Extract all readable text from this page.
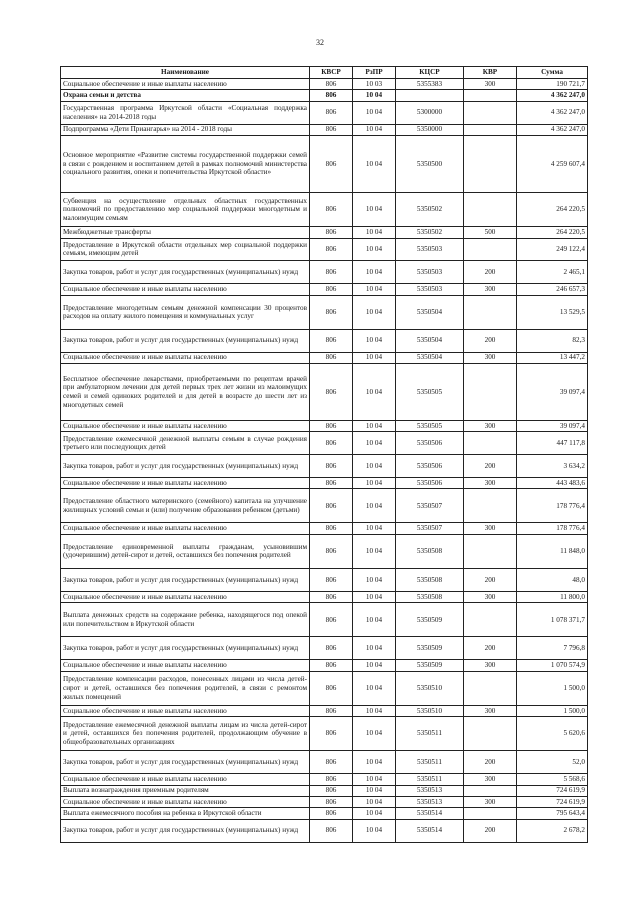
32
Наименование	КВСР	РзПР	КЦСР	КВР	Сумма
Социальное обеспечение и иные выплаты населению	806	10 03	5355383	300	190 721,7
Охрана семьи и детства	806	10 04			4 362 247,0
Государственная программа Иркутской области «Социальная поддержка населения» на 2014-2018 годы	806	10 04	5300000		4 362 247,0
Подпрограмма «Дети Приангарья» на 2014 - 2018 годы	806	10 04	5350000		4 362 247,0
Основное мероприятие «Развитие системы государственной поддержки семей в связи с рождением и воспитанием детей в рамках полномочий министерства социального развития, опеки и попечительства Иркутской области»	806	10 04	5350500		4 259 607,4
Субвенция на осуществление отдельных областных государственных полномочий по предоставлению мер социальной поддержки многодетным и малоимущим семьям	806	10 04	5350502		264 220,5
Межбюджетные трансферты	806	10 04	5350502	500	264 220,5
Предоставление в Иркутской области отдельных мер социальной поддержки семьям, имеющим детей	806	10 04	5350503		249 122,4
Закупка товаров, работ и услуг для государственных (муниципальных) нужд	806	10 04	5350503	200	2 465,1
Социальное обеспечение и иные выплаты населению	806	10 04	5350503	300	246 657,3
Предоставление многодетным семьям денежной компенсации 30 процентов расходов на оплату жилого помещения и коммунальных услуг	806	10 04	5350504		13 529,5
Закупка товаров, работ и услуг для государственных (муниципальных) нужд	806	10 04	5350504	200	82,3
Социальное обеспечение и иные выплаты населению	806	10 04	5350504	300	13 447,2
Бесплатное обеспечение лекарствами, приобретаемыми по рецептам врачей при амбулаторном лечении для детей первых трех лет жизни из малоимущих семей и семей одиноких родителей и для детей в возрасте до шести лет из многодетных семей	806	10 04	5350505		39 097,4
Социальное обеспечение и иные выплаты населению	806	10 04	5350505	300	39 097,4
Предоставление ежемесячной денежной выплаты семьям в случае рождения третьего или последующих детей	806	10 04	5350506		447 117,8
Закупка товаров, работ и услуг для государственных (муниципальных) нужд	806	10 04	5350506	200	3 634,2
Социальное обеспечение и иные выплаты населению	806	10 04	5350506	300	443 483,6
Предоставление областного материнского (семейного) капитала на улучшение жилищных условий семьи и (или) получение образования ребенком (детьми)	806	10 04	5350507		178 776,4
Социальное обеспечение и иные выплаты населению	806	10 04	5350507	300	178 776,4
Предоставление единовременной выплаты гражданам, усыновившим (удочерившим) детей-сирот и детей, оставшихся без попечения родителей	806	10 04	5350508		11 848,0
Закупка товаров, работ и услуг для государственных (муниципальных) нужд	806	10 04	5350508	200	48,0
Социальное обеспечение и иные выплаты населению	806	10 04	5350508	300	11 800,0
Выплата денежных средств на содержание ребенка, находящегося под опекой или попечительством в Иркутской области	806	10 04	5350509		1 078 371,7
Закупка товаров, работ и услуг для государственных (муниципальных) нужд	806	10 04	5350509	200	7 796,8
Социальное обеспечение и иные выплаты населению	806	10 04	5350509	300	1 070 574,9
Предоставление компенсации расходов, понесенных лицами из числа детей-сирот и детей, оставшихся без попечения родителей, в связи с ремонтом жилых помещений	806	10 04	5350510		1 500,0
Социальное обеспечение и иные выплаты населению	806	10 04	5350510	300	1 500,0
Предоставление ежемесячной денежной выплаты лицам из числа детей-сирот и детей, оставшихся без попечения родителей, продолжающим обучение в общеобразовательных организациях	806	10 04	5350511		5 620,6
Закупка товаров, работ и услуг для государственных (муниципальных) нужд	806	10 04	5350511	200	52,0
Социальное обеспечение и иные выплаты населению	806	10 04	5350511	300	5 568,6
Выплата вознаграждения приемным родителям	806	10 04	5350513		724 619,9
Социальное обеспечение и иные выплаты населению	806	10 04	5350513	300	724 619,9
Выплата ежемесячного пособия на ребенка в Иркутской области	806	10 04	5350514		795 643,4
Закупка товаров, работ и услуг для государственных (муниципальных) нужд	806	10 04	5350514	200	2 678,2
